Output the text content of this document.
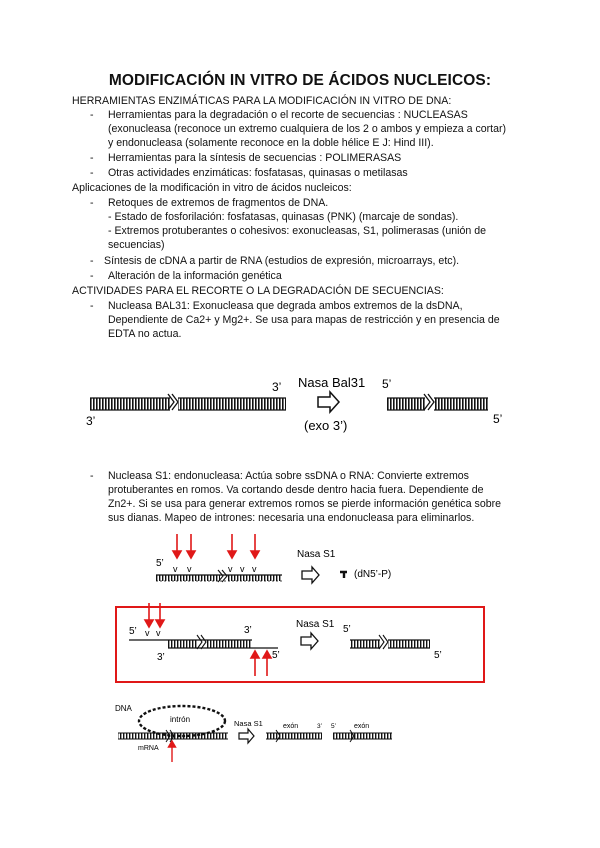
MODIFICACIÓN IN VITRO DE ÁCIDOS NUCLEICOS:
HERRAMIENTAS ENZIMÁTICAS PARA LA MODIFICACIÓN IN VITRO DE DNA:
- Herramientas para la degradación o el recorte de secuencias : NUCLEASAS
(exonucleasa (reconoce un extremo cualquiera de los 2 o ambos y empieza a cortar)
y endonucleasa (solamente reconoce en la doble hélice E J: Hind III).
- Herramientas para la síntesis de secuencias : POLIMERASAS
- Otras actividades enzimáticas: fosfatasas, quinasas o metilasas
Aplicaciones de la modificación in vitro de ácidos nucleicos:
- Retoques de extremos de fragmentos de DNA.
- Estado de fosforilación: fosfatasas, quinasas (PNK) (marcaje de sondas).
- Extremos protuberantes o cohesivos: exonucleasas, S1, polimerasas (unión de
secuencias)
- Síntesis de cDNA a partir de RNA (estudios de expresión, microarrays, etc).
- Alteración de la información genética
ACTIVIDADES PARA EL RECORTE O LA DEGRADACIÓN DE SECUENCIAS:
- Nucleasa BAL31: Exonucleasa que degrada ambos extremos de la dsDNA,
Dependiente de Ca2+ y Mg2+. Se usa para mapas de restricción y en presencia de
EDTA no actua.
- Nucleasa S1: endonucleasa: Actúa sobre ssDNA o RNA: Convierte extremos
protuberantes en romos. Va cortando desde dentro hacia fuera. Dependiente de
Zn2+. Si se usa para generar extremos romos se pierde información genética sobre
sus dianas. Mapeo de intrones: necesaria una endonucleasa para eliminarlos.
3’
3’
Nasa Bal31
(exo 3’)
5’
5’
5’ v v	v v v
Nasa S1
(dN5’-P)
5’ v v
3’
3’
5’
Nasa S1 5’
5’
DNA
intrón
mRNA
Nasa S1	exón	3’ 5’	exón
